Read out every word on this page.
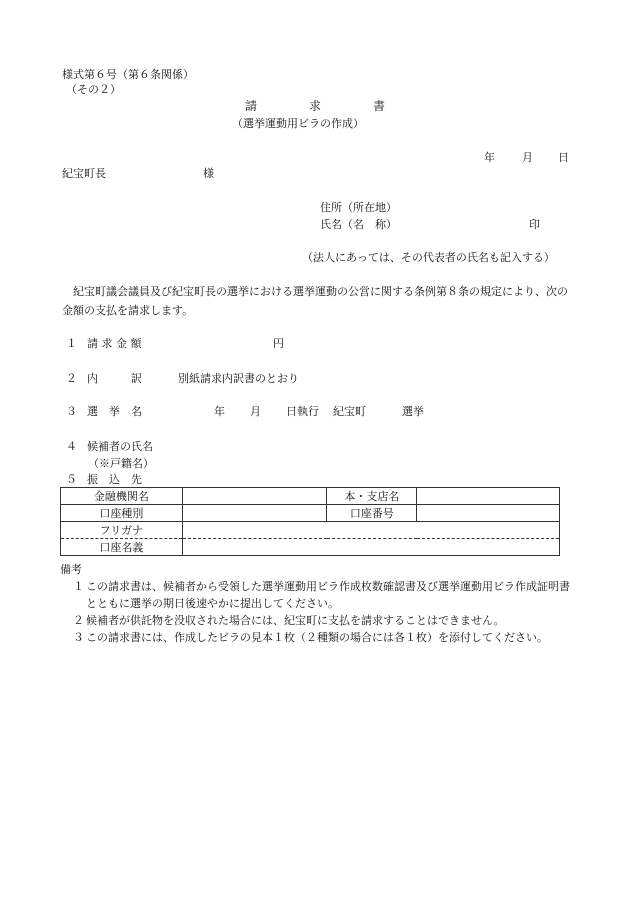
様式第６号（第６条関係）
（その２）
請	求	書
（選挙運動用ビラの作成）
年 月 日
紀宝町長	様
住所（所在地）
氏名（名　称）	印
（法人にあっては、その代表者の氏名も記入する）
紀宝町議会議員及び紀宝町長の選挙における選挙運動の公営に関する条例第８条の規定により、次の金額の支払を請求します。
１ 請 求 金 額	円
２ 内　　　訳	別紙請求内訳書のとおり
３ 選　挙　名	年 月 日執行 紀宝町	選挙
４ 候補者の氏名
（※戸籍名）
５ 振　込　先
金融機関名		本・支店名	
口座種別		口座番号	
フリガナ			
口座名義			
備考
１ この請求書は、候補者から受領した選挙運動用ビラ作成枚数確認書及び選挙運動用ビラ作成証明書とともに選挙の期日後速やかに提出してください。
２ 候補者が供託物を没収された場合には、紀宝町に支払を請求することはできません。
３ この請求書には、作成したビラの見本１枚（２種類の場合には各１枚）を添付してください。
